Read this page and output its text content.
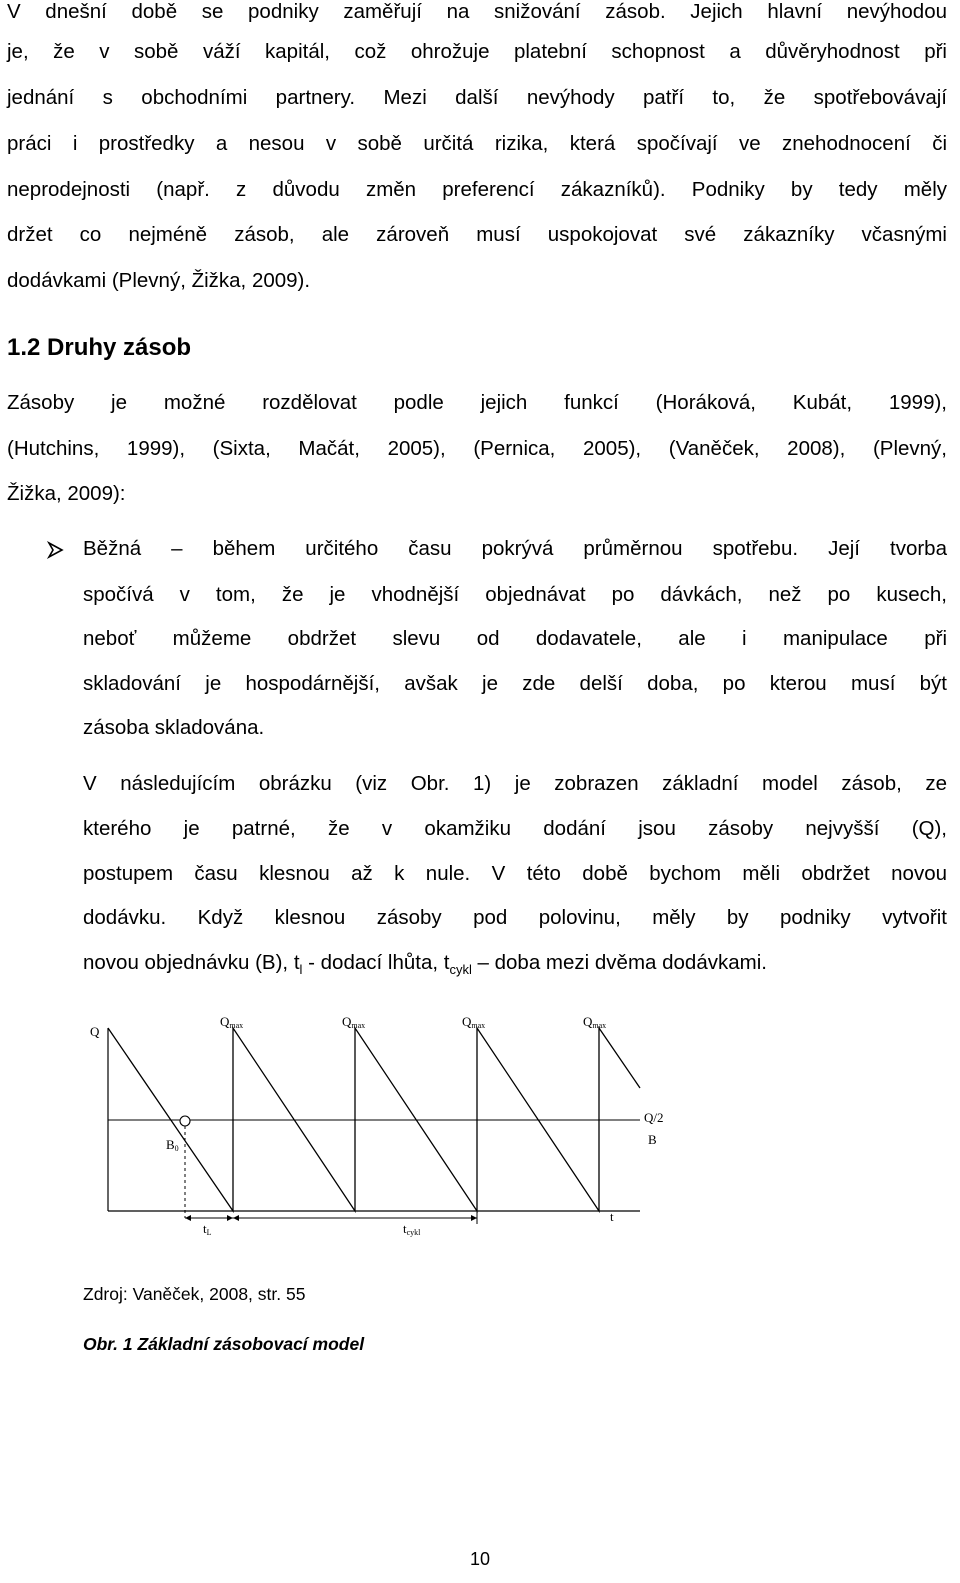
V dnešní době se podniky zaměřují na snižování zásob. Jejich hlavní nevýhodou
je, že v sobě váží kapitál, což ohrožuje platební schopnost a důvěryhodnost při
jednání s obchodními partnery. Mezi další nevýhody patří to, že spotřebovávají
práci i prostředky a nesou v sobě určitá rizika, která spočívají ve znehodnocení či
neprodejnosti (např. z důvodu změn preferencí zákazníků). Podniky by tedy měly
držet co nejméně zásob, ale zároveň musí uspokojovat své zákazníky včasnými
dodávkami (Plevný, Žižka, 2009).
1.2 Druhy zásob
Zásoby je možné rozdělovat podle jejich funkcí (Horáková, Kubát, 1999),
(Hutchins, 1999), (Sixta, Mačát, 2005), (Pernica, 2005), (Vaněček, 2008), (Plevný,
Žižka, 2009):
Běžná – během určitého času pokrývá průměrnou spotřebu. Její tvorba
spočívá v tom, že je vhodnější objednávat po dávkách, než po kusech,
neboť můžeme obdržet slevu od dodavatele, ale i manipulace při
skladování je hospodárnější, avšak je zde delší doba, po kterou musí být
zásoba skladována.
V následujícím obrázku (viz Obr. 1) je zobrazen základní model zásob, ze
kterého je patrné, že v okamžiku dodání jsou zásoby nejvyšší (Q),
postupem času klesnou až k nule. V této době bychom měli obdržet novou
dodávku. Když klesnou zásoby pod polovinu, měly by podniky vytvořit
novou objednávku (B), $t_l$ - dodací lhůta, $t_{cykl}$ – doba mezi dvěma dodávkami.
Q
Qmax	Qmax	Qmax	Qmax
Q/2
B
B0
t
tL	tcykl
Zdroj: Vaněček, 2008, str. 55
Obr. 1 Základní zásobovací model
10
